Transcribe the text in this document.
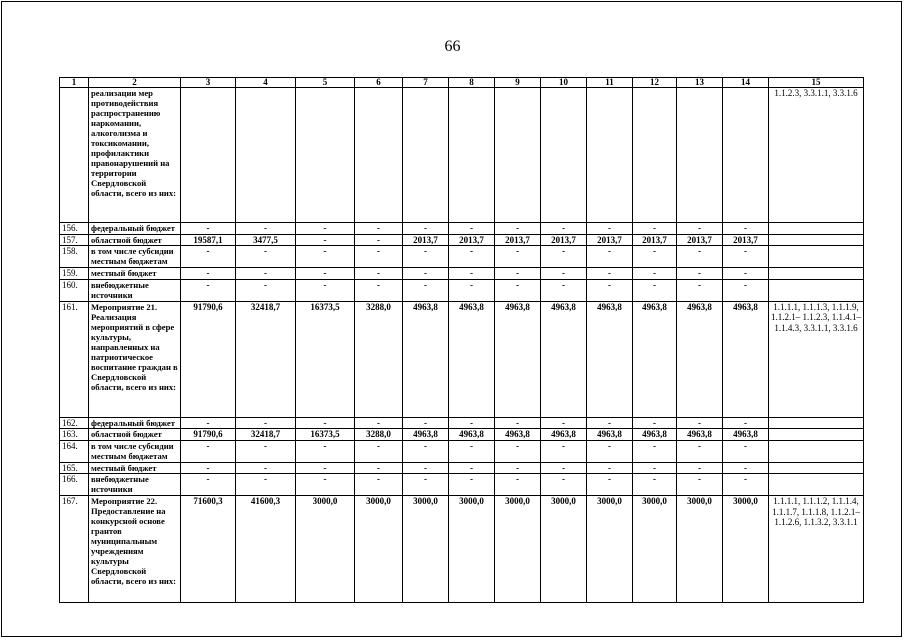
66
1	2	3	4	5	6	7	8	9	10	11	12	13	14	15
	реализации мер противодействия распространению наркомании, алкоголизма и токсикомании, профилактики правонарушений на территории Свердловской области, всего из них:													1.1.2.3, 3.3.1.1, 3.3.1.6
156.	федеральный бюджет	-	-	-	-	-	-	-	-	-	-	-	-	
157.	областной бюджет	19587,1	3477,5	-	-	2013,7	2013,7	2013,7	2013,7	2013,7	2013,7	2013,7	2013,7	
158.	в том числе субсидии местным бюджетам	-	-	-	-	-	-	-	-	-	-	-	-	
159.	местный бюджет	-	-	-	-	-	-	-	-	-	-	-	-	
160.	внебюджетные источники	-	-	-	-	-	-	-	-	-	-	-	-	
161.	Мероприятие 21. Реализация мероприятий в сфере культуры, направленных на патриотическое воспитание граждан в Свердловской области, всего из них:	91790,6	32418,7	16373,5	3288,0	4963,8	4963,8	4963,8	4963,8	4963,8	4963,8	4963,8	4963,8	1.1.1.1, 1.1.1.3, 1.1.1.9, 1.1.2.1– 1.1.2.3, 1.1.4.1– 1.1.4.3, 3.3.1.1, 3.3.1.6
162.	федеральный бюджет	-	-	-	-	-	-	-	-	-	-	-	-	
163.	областной бюджет	91790,6	32418,7	16373,5	3288,0	4963,8	4963,8	4963,8	4963,8	4963,8	4963,8	4963,8	4963,8	
164.	в том числе субсидии местным бюджетам	-	-	-	-	-	-	-	-	-	-	-	-	
165.	местный бюджет	-	-	-	-	-	-	-	-	-	-	-	-	
166.	внебюджетные источники	-	-	-	-	-	-	-	-	-	-	-	-	
167.	Мероприятие 22. Предоставление на конкурсной основе грантов муниципальным учреждениям культуры Свердловской области, всего из них:	71600,3	41600,3	3000,0	3000,0	3000,0	3000,0	3000,0	3000,0	3000,0	3000,0	3000,0	3000,0	1.1.1.1, 1.1.1.2, 1.1.1.4, 1.1.1.7, 1.1.1.8, 1.1.2.1–1.1.2.6, 1.1.3.2, 3.3.1.1
